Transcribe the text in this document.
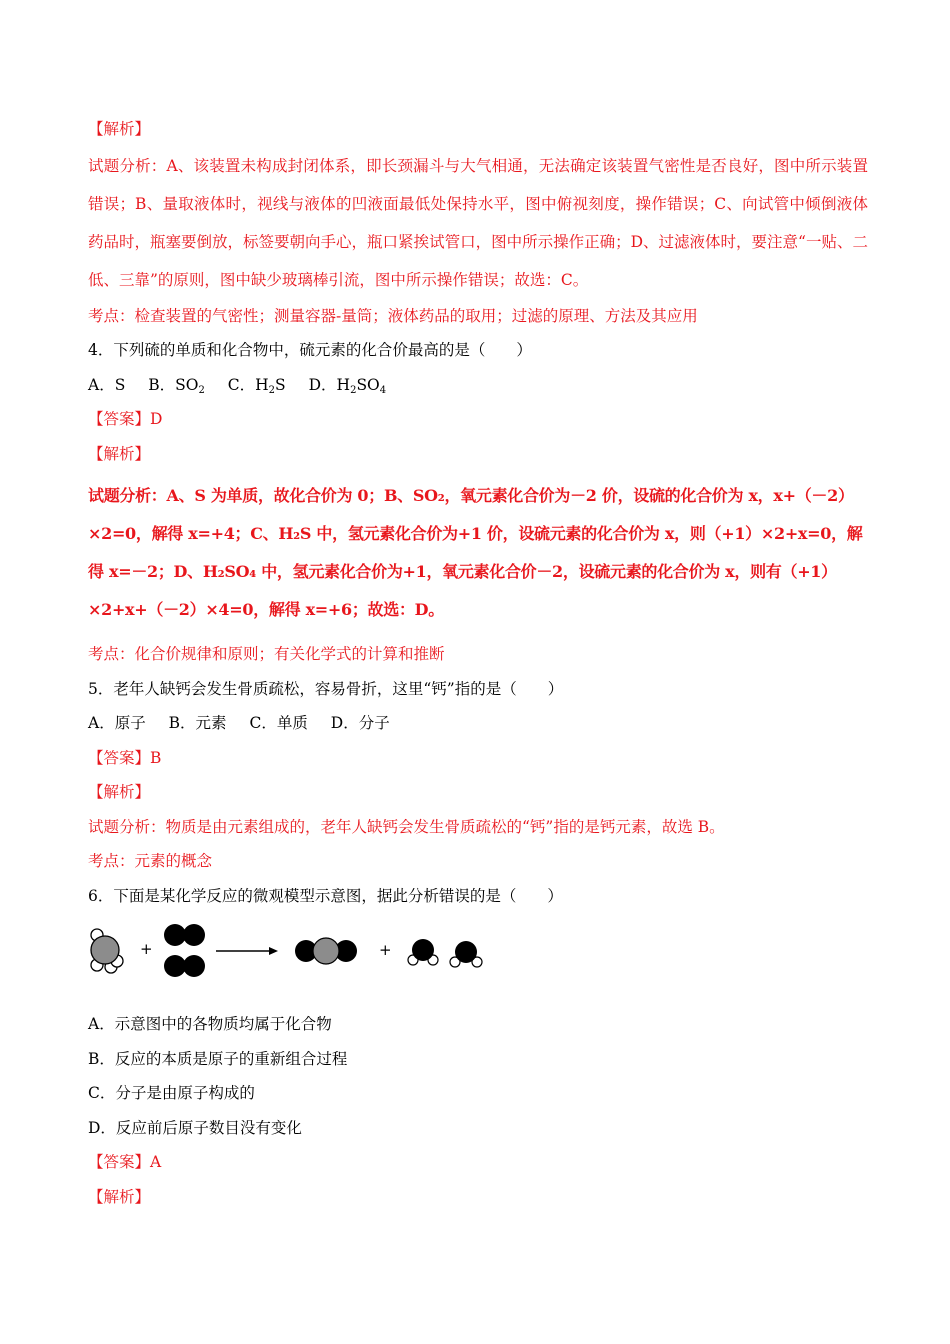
【解析】
试题分析：A、该装置未构成封闭体系，即长颈漏斗与大气相通，无法确定该装置气密性是否良好，图中所示装置错误；B、量取液体时，视线与液体的凹液面最低处保持水平，图中俯视刻度，操作错误；C、向试管中倾倒液体药品时，瓶塞要倒放，标签要朝向手心，瓶口紧挨试管口，图中所示操作正确；D、过滤液体时，要注意“一贴、二低、三靠”的原则，图中缺少玻璃棒引流，图中所示操作错误；故选：C。
考点：检查装置的气密性；测量容器-量筒；液体药品的取用；过滤的原理、方法及其应用
4．下列硫的单质和化合物中，硫元素的化合价最高的是（　　）
A．S B．$SO_2$ C．$H_2S$ D．$H_2SO_4$
【答案】D
【解析】
试题分析：A、S 为单质，故化合价为 0；B、SO₂，氧元素化合价为－2 价，设硫的化合价为 x，x+（－2）×2=0，解得 x=+4；C、H₂S 中，氢元素化合价为+1 价，设硫元素的化合价为 x，则（+1）×2+x=0，解得 x=－2；D、H₂SO₄ 中，氢元素化合价为+1，氧元素化合价－2，设硫元素的化合价为 x，则有（+1）×2+x+（－2）×4=0，解得 x=+6；故选：D。
考点：化合价规律和原则；有关化学式的计算和推断
5．老年人缺钙会发生骨质疏松，容易骨折，这里“钙”指的是（　　）
A．原子 B．元素 C．单质 D．分子
【答案】B
【解析】
试题分析：物质是由元素组成的，老年人缺钙会发生骨质疏松的“钙”指的是钙元素，故选 B。
考点：元素的概念
6．下面是某化学反应的微观模型示意图，据此分析错误的是（　　）
+	+
A．示意图中的各物质均属于化合物
B．反应的本质是原子的重新组合过程
C．分子是由原子构成的
D．反应前后原子数目没有变化
【答案】A
【解析】
